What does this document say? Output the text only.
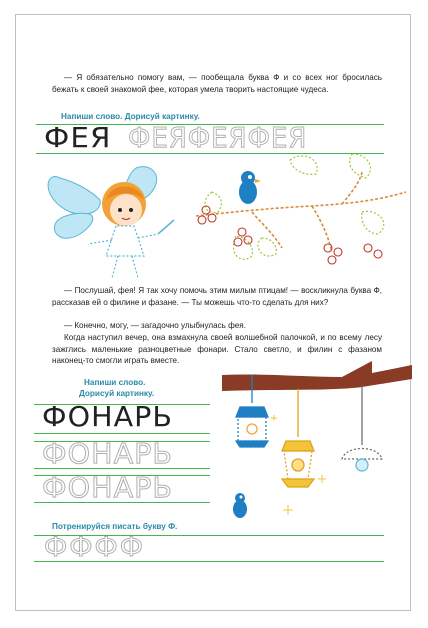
— Я обязательно помогу вам, — пообещала буква Ф и со всех ног бросилась бежать к своей знакомой фее, которая умела творить настоящие чудеса.

Напиши слово. Дорисуй картинку.

ФЕЯ ФЕЯФЕЯФЕЯ

— Послушай, фея! Я так хочу помочь этим милым птицам! — воскликнула буква Ф, рассказав ей о филине и фазане. — Ты можешь что-то сделать для них?

— Конечно, могу, — загадочно улыбнулась фея.

Когда наступил вечер, она взмахнула своей волшебной палочкой, и по всему лесу зажглись маленькие разноцветные фонари. Стало светло, и филин с фазаном наконец-то смогли играть вместе.

Напиши слово.

Дорисуй картинку.

ФОНАРЬ
ФОНАРЬ
ФОНАРЬ

Потренируйся писать букву Ф.

ФФФФ
